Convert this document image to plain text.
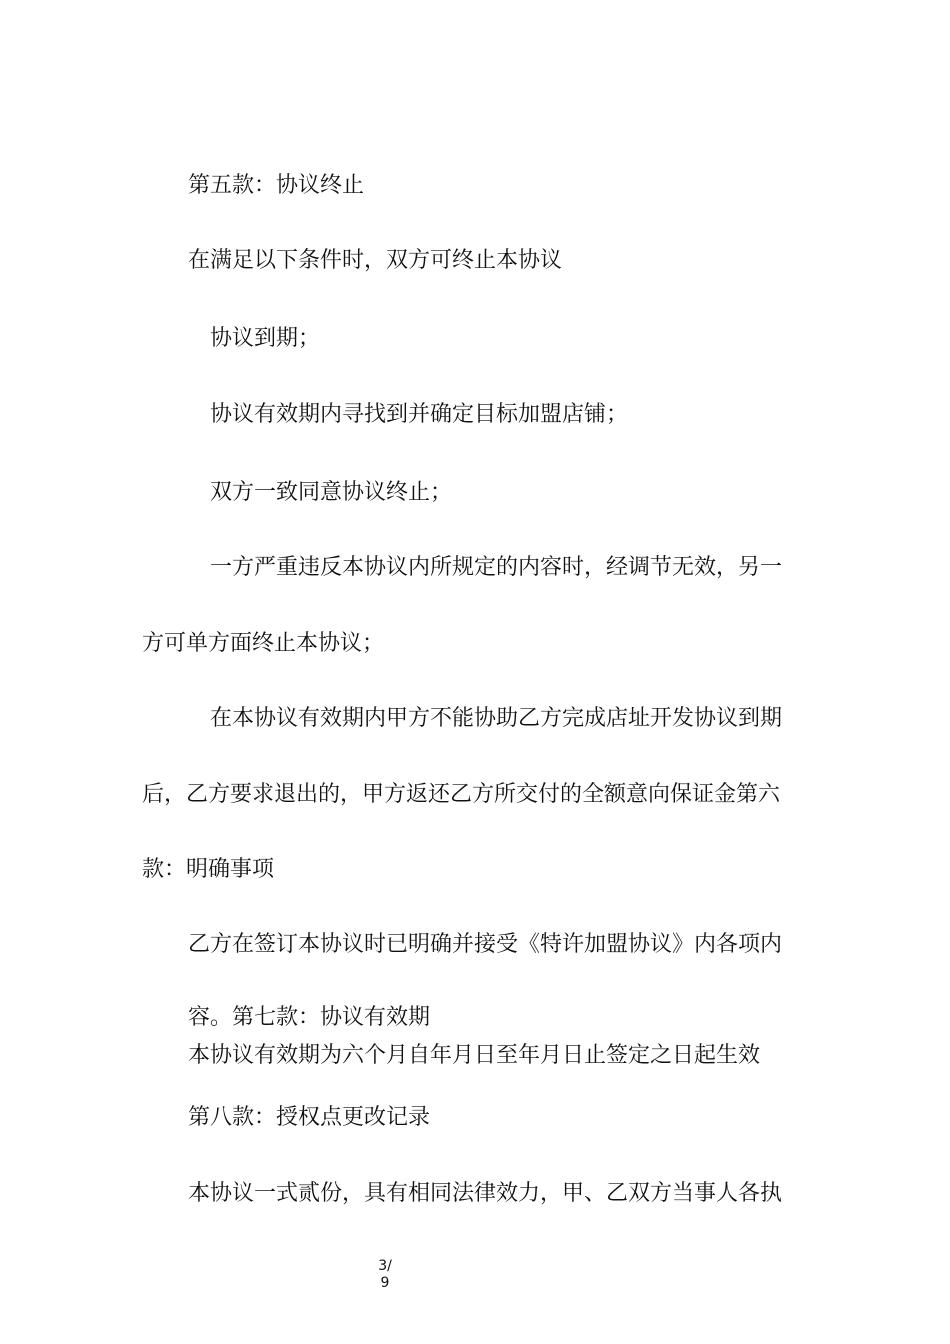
第五款：协议终止

在满足以下条件时，双方可终止本协议

协议到期；

协议有效期内寻找到并确定目标加盟店铺；

双方一致同意协议终止；

一方严重违反本协议内所规定的内容时，经调节无效，另一

方可单方面终止本协议；

在本协议有效期内甲方不能协助乙方完成店址开发协议到期

后，乙方要求退出的，甲方返还乙方所交付的全额意向保证金第六

款：明确事项

乙方在签订本协议时已明确并接受《特许加盟协议》内各项内

容。第七款：协议有效期

本协议有效期为六个月自年月日至年月日止签定之日起生效

第八款：授权点更改记录

本协议一式贰份，具有相同法律效力，甲、乙双方当事人各执

3/
9
